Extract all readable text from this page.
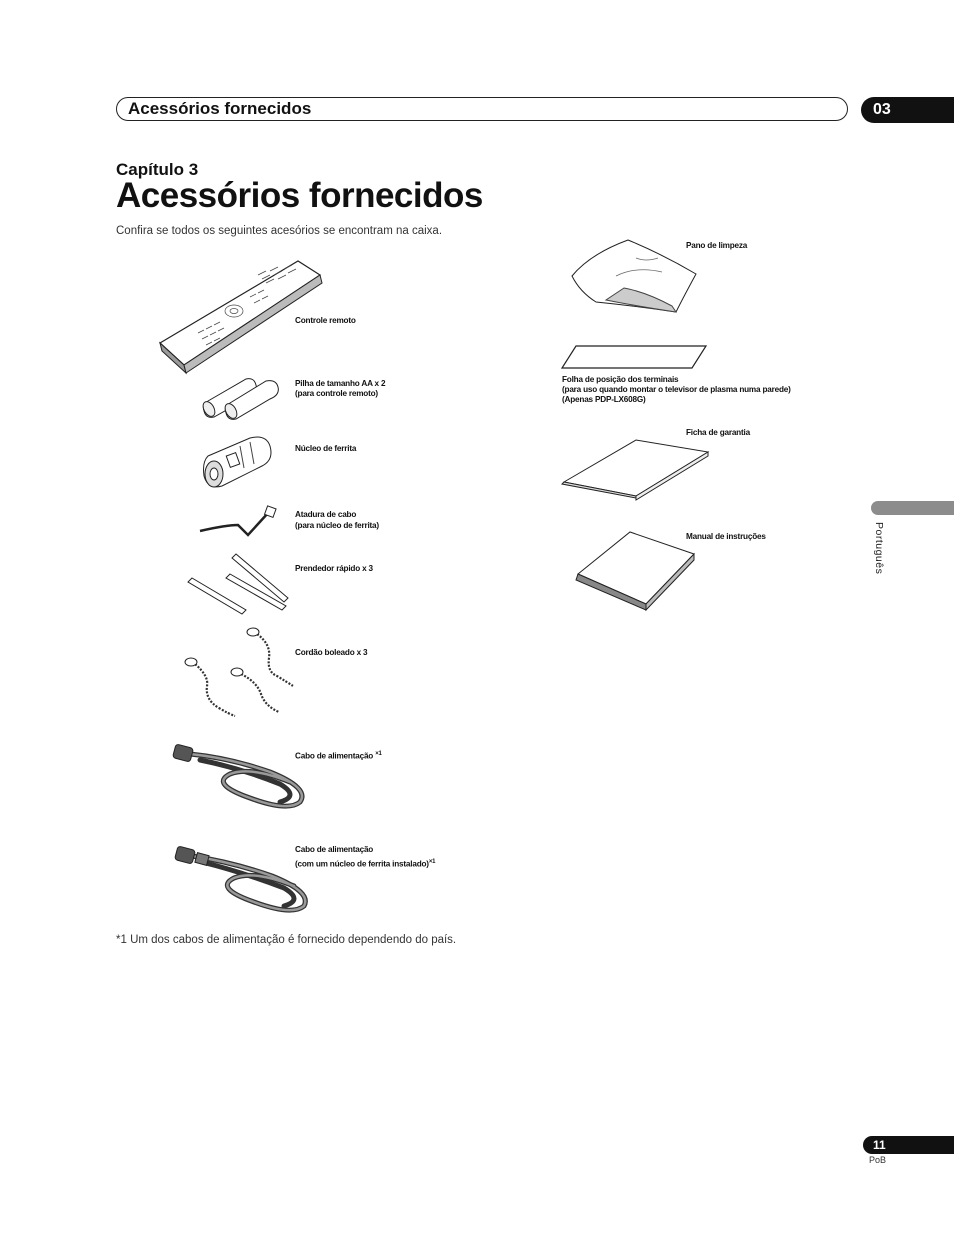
Acessórios fornecidos	03
Capítulo 3
Acessórios fornecidos
Confira se todos os seguintes acesórios se encontram na caixa.
Controle remoto
Pilha de tamanho AA x 2
(para controle remoto)
Núcleo de ferrita
Atadura de cabo
(para núcleo de ferrita)
Prendedor rápido x 3
Cordão boleado x 3
Cabo de alimentação $^{\times 1}$
Cabo de alimentação
(com um núcleo de ferrita instalado)$^{\times 1}$
Pano de limpeza
Folha de posição dos terminais
(para uso quando montar o televisor de plasma numa parede)
(Apenas PDP-LX608G)
Ficha de garantia
Manual de instruções
*1 Um dos cabos de alimentação é fornecido dependendo do país.
Português
11
PoB
